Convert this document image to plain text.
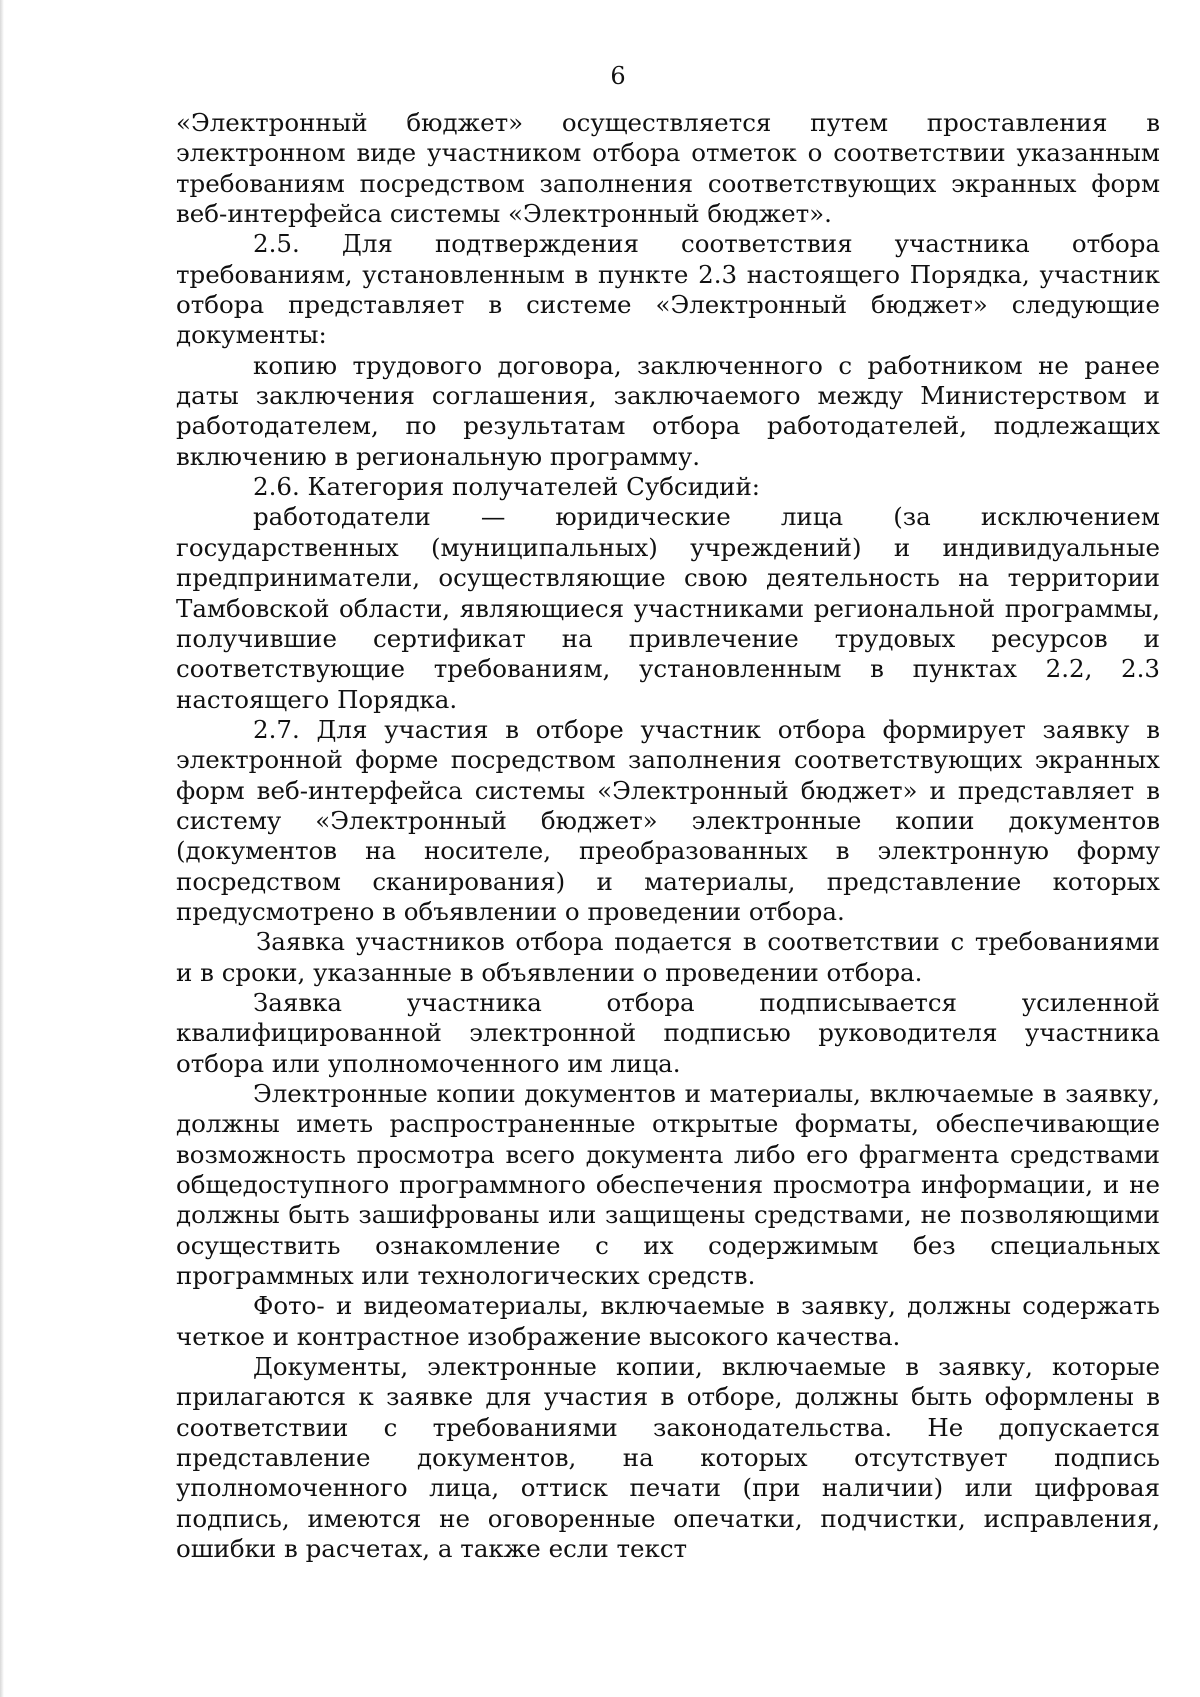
6

«Электронный бюджет» осуществляется путем проставления в электронном виде участником отбора отметок о соответствии указанным требованиям посредством заполнения соответствующих экранных форм веб-интерфейса системы «Электронный бюджет».

2.5. Для подтверждения соответствия участника отбора требованиям, установленным в пункте 2.3 настоящего Порядка, участник отбора представляет в системе «Электронный бюджет» следующие документы:

копию трудового договора, заключенного с работником не ранее даты заключения соглашения, заключаемого между Министерством и работодателем, по результатам отбора работодателей, подлежащих включению в региональную программу.

2.6. Категория получателей Субсидий:

работодатели — юридические лица (за исключением государственных (муниципальных) учреждений) и индивидуальные предприниматели, осуществляющие свою деятельность на территории Тамбовской области, являющиеся участниками региональной программы, получившие сертификат на привлечение трудовых ресурсов и соответствующие требованиям, установленным в пунктах 2.2, 2.3 настоящего Порядка.

2.7. Для участия в отборе участник отбора формирует заявку в электронной форме посредством заполнения соответствующих экранных форм веб-интерфейса системы «Электронный бюджет» и представляет в систему «Электронный бюджет» электронные копии документов (документов на носителе, преобразованных в электронную форму посредством сканирования) и материалы, представление которых предусмотрено в объявлении о проведении отбора.

Заявка участников отбора подается в соответствии с требованиями и в сроки, указанные в объявлении о проведении отбора.

Заявка участника отбора подписывается усиленной квалифицированной электронной подписью руководителя участника отбора или уполномоченного им лица.

Электронные копии документов и материалы, включаемые в заявку, должны иметь распространенные открытые форматы, обеспечивающие возможность просмотра всего документа либо его фрагмента средствами общедоступного программного обеспечения просмотра информации, и не должны быть зашифрованы или защищены средствами, не позволяющими осуществить ознакомление с их содержимым без специальных программных или технологических средств.

Фото- и видеоматериалы, включаемые в заявку, должны содержать четкое и контрастное изображение высокого качества.

Документы, электронные копии, включаемые в заявку, которые прилагаются к заявке для участия в отборе, должны быть оформлены в соответствии с требованиями законодательства. Не допускается представление документов, на которых отсутствует подпись уполномоченного лица, оттиск печати (при наличии) или цифровая подпись, имеются не оговоренные опечатки, подчистки, исправления, ошибки в расчетах, а также если текст
